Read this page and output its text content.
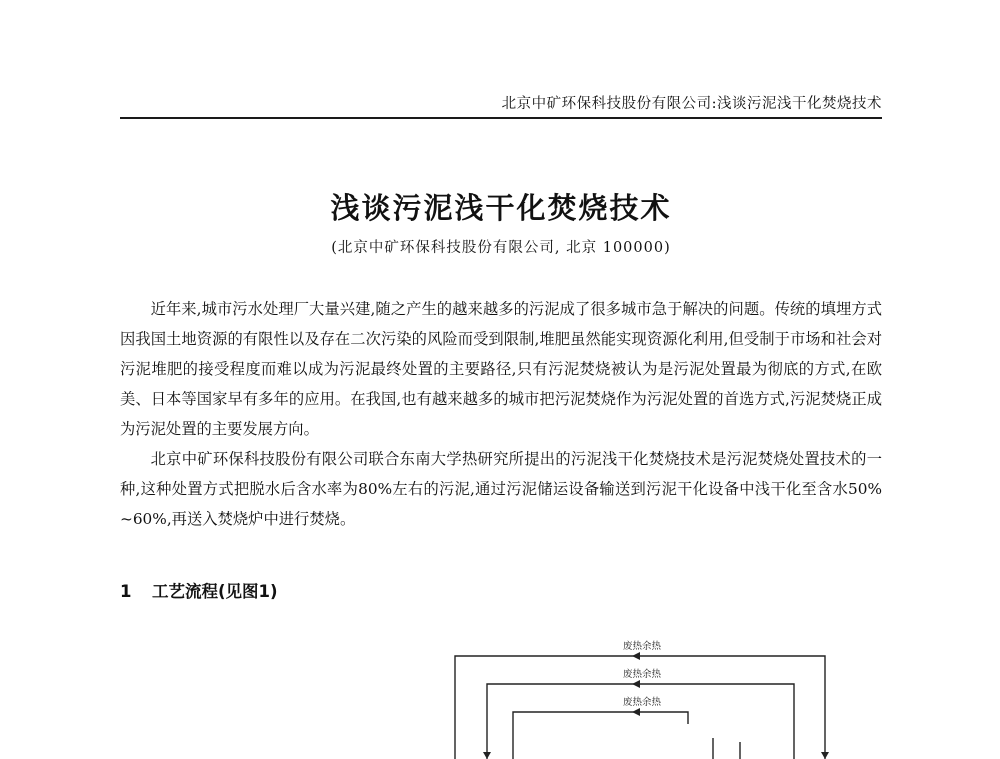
北京中矿环保科技股份有限公司:浅谈污泥浅干化焚烧技术
浅谈污泥浅干化焚烧技术
(北京中矿环保科技股份有限公司, 北京 100000)

近年来,城市污水处理厂大量兴建,随之产生的越来越多的污泥成了很多城市急于解决的问题。传统的填埋方式因我国土地资源的有限性以及存在二次污染的风险而受到限制,堆肥虽然能实现资源化利用,但受制于市场和社会对污泥堆肥的接受程度而难以成为污泥最终处置的主要路径,只有污泥焚烧被认为是污泥处置最为彻底的方式,在欧美、日本等国家早有多年的应用。在我国,也有越来越多的城市把污泥焚烧作为污泥处置的首选方式,污泥焚烧正成为污泥处置的主要发展方向。

北京中矿环保科技股份有限公司联合东南大学热研究所提出的污泥浅干化焚烧技术是污泥焚烧处置技术的一种,这种处置方式把脱水后含水率为80%左右的污泥,通过污泥储运设备输送到污泥干化设备中浅干化至含水50% ~60%,再送入焚烧炉中进行焚烧。

1 工艺流程(见图1)
废热余热
废热余热
废热余热
